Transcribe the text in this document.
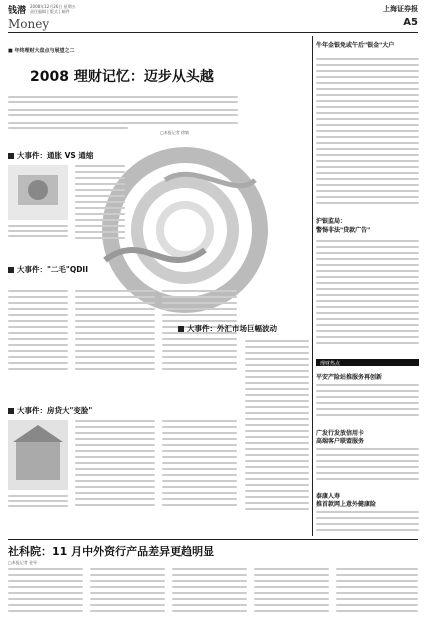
钱潜 2008年12月26日 星期五
责任编辑 | 版式 | 邮件	上海证券报
Money	A5
■ 年终理财大盘点与展望之二
2008 理财记忆：迈步从头越
□本报记者 徐婧
大事件：通胀 VS 通缩
大事件："二毛"QDII
大事件：房贷大"变脸"
大事件：外汇市场巨幅波动
牛年金银免或午后"银金"大户
沪银监局：
警惕非法"贷款广告"
理财热点
平安产险站推服务再创新
广发行发放信用卡
高端客户联盟服务
泰康人寿
推首款网上意外健康险
社科院：11 月中外资行产品差异更趋明显
□本报记者 金导
